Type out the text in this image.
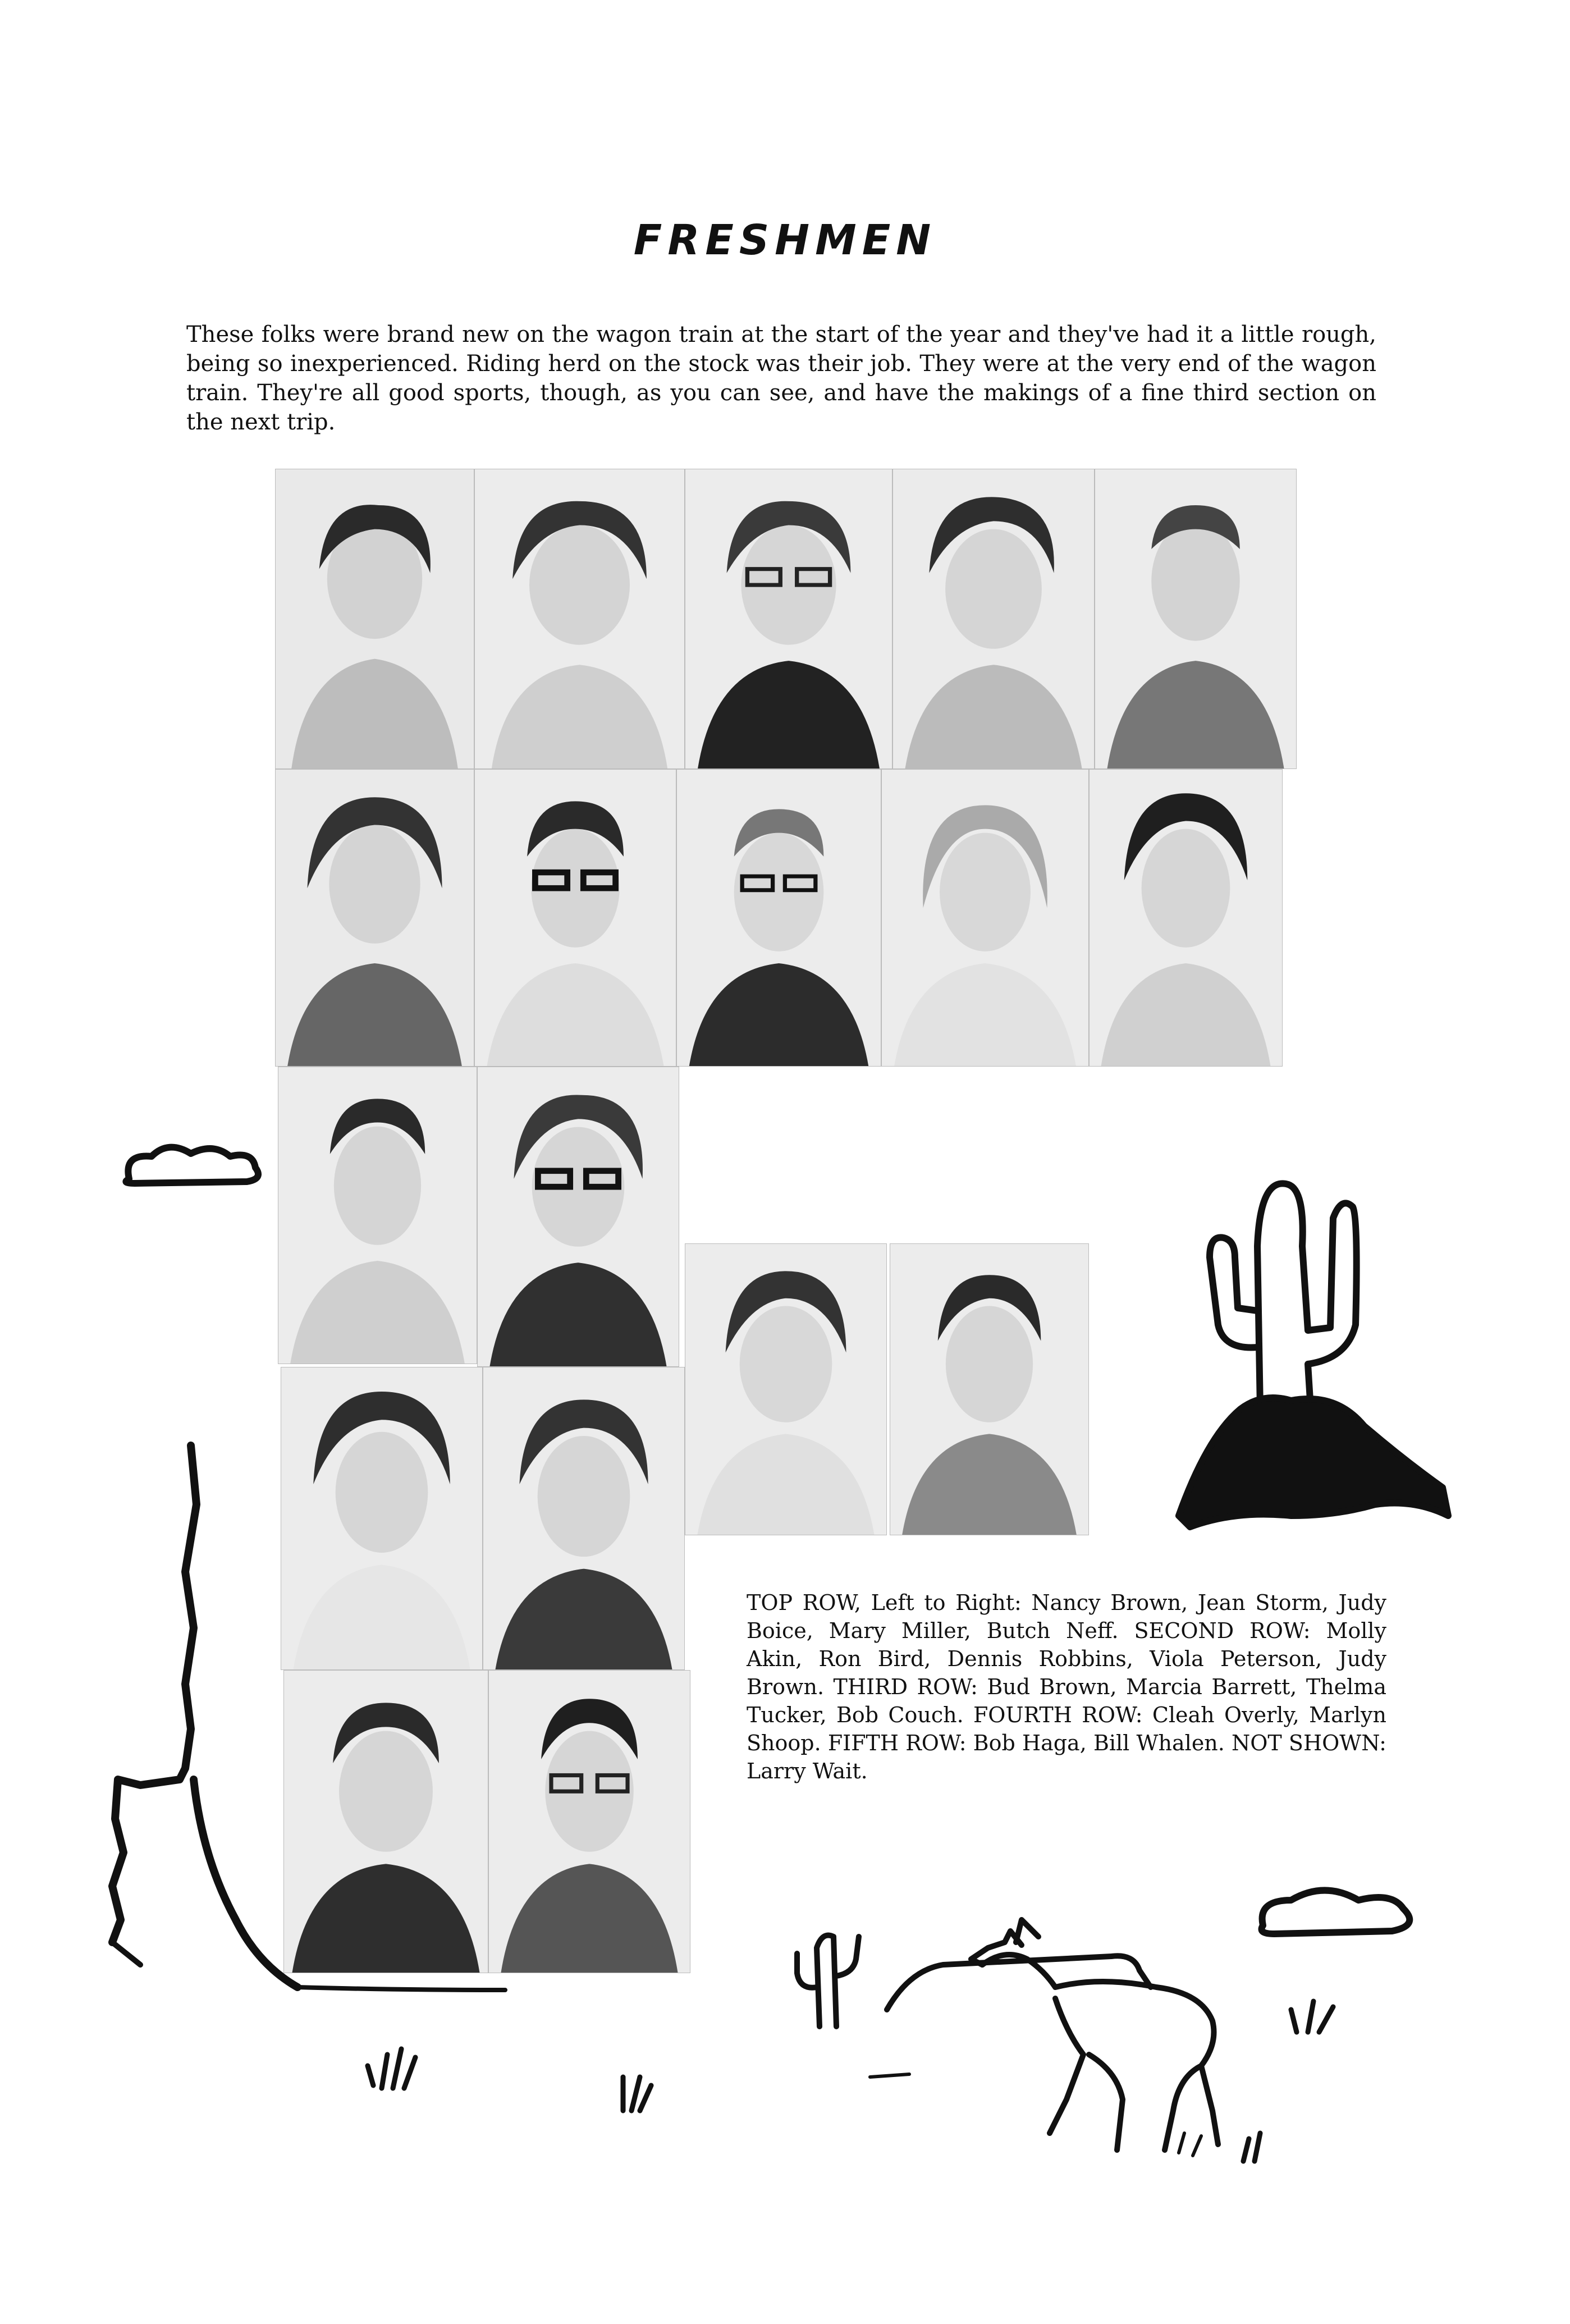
FRESHMEN
These folks were brand new on the wagon train at the start of the year and they've had it a little rough, being so inexperienced. Riding herd on the stock was their job. They were at the very end of the wagon train. They're all good sports, though, as you can see, and have the makings of a fine third section on the next trip.
TOP ROW, Left to Right: Nancy Brown, Jean Storm, Judy Boice, Mary Miller, Butch Neff. SECOND ROW: Molly Akin, Ron Bird, Dennis Robbins, Viola Peterson, Judy Brown. THIRD ROW: Bud Brown, Marcia Barrett, Thelma Tucker, Bob Couch. FOURTH ROW: Cleah Overly, Marlyn Shoop. FIFTH ROW: Bob Haga, Bill Whalen. NOT SHOWN: Larry Wait.
